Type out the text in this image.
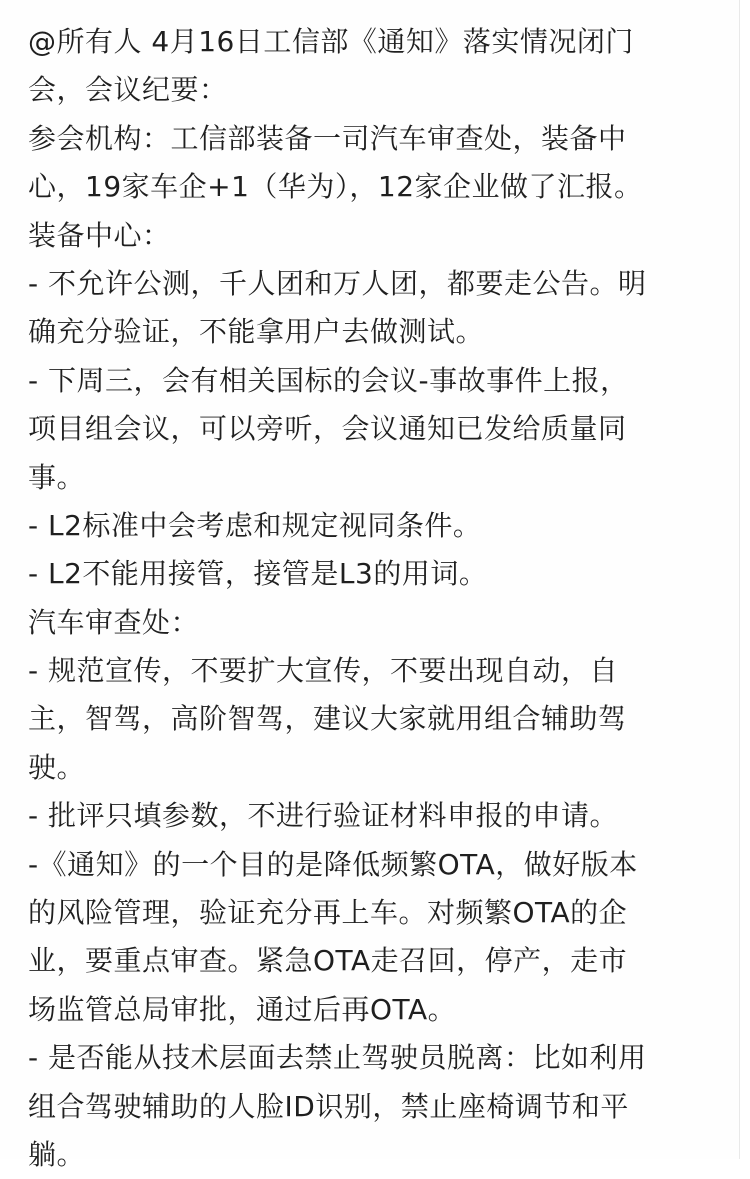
@所有人 4月16日工信部《通知》落实情况闭门
会，会议纪要：
参会机构：工信部装备一司汽车审查处，装备中
心，19家车企+1（华为），12家企业做了汇报。
装备中心：
- 不允许公测，千人团和万人团，都要走公告。明
确充分验证，不能拿用户去做测试。
- 下周三，会有相关国标的会议-事故事件上报，
项目组会议，可以旁听，会议通知已发给质量同
事。
- L2标准中会考虑和规定视同条件。
- L2不能用接管，接管是L3的用词。
汽车审查处：
- 规范宣传，不要扩大宣传，不要出现自动，自
主，智驾，高阶智驾，建议大家就用组合辅助驾
驶。
- 批评只填参数，不进行验证材料申报的申请。
-《通知》的一个目的是降低频繁OTA，做好版本
的风险管理，验证充分再上车。对频繁OTA的企
业，要重点审查。紧急OTA走召回，停产，走市
场监管总局审批，通过后再OTA。
- 是否能从技术层面去禁止驾驶员脱离：比如利用
组合驾驶辅助的人脸ID识别，禁止座椅调节和平
躺。
